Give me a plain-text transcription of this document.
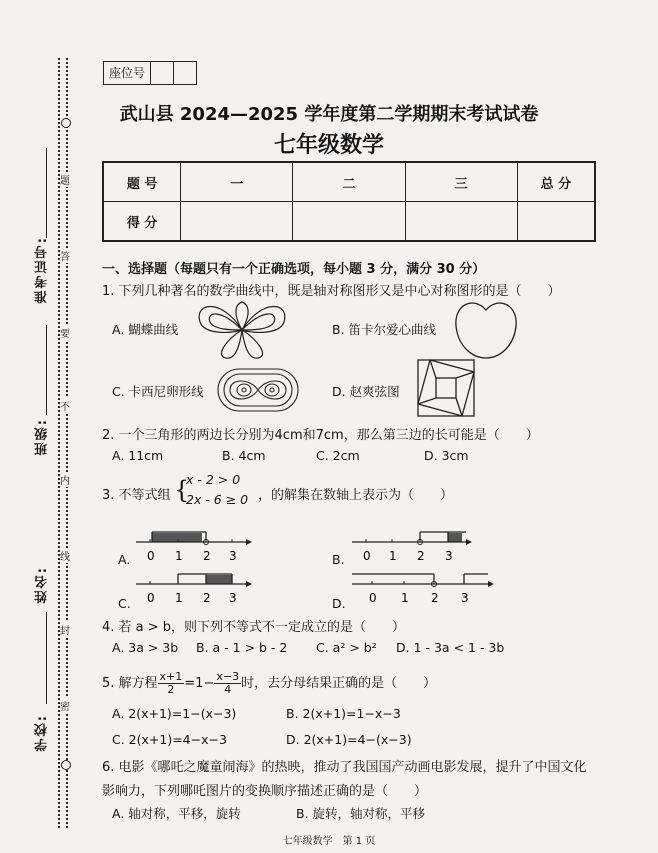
题
答
要
不
内
线
封
密
准考证号:
班级:
姓名:
学校:
座位号
武山县 2024—2025 学年度第二学期期末考试试卷
七年级数学
题 号	一	二	三	总 分
得 分				
一、选择题（每题只有一个正确选项，每小题 3 分，满分 30 分）
1. 下列几种著名的数学曲线中，既是轴对称图形又是中心对称图形的是（　　）
A. 蝴蝶曲线	B. 笛卡尔爱心曲线
C. 卡西尼卵形线	D. 赵爽弦图
2. 一个三角形的两边长分别为4cm和7cm，那么第三边的长可能是（　　）
A. 11cm	B. 4cm	C. 2cm	D. 3cm
3. 不等式组 {
x - 2 > 0
2x - 6 ≥ 0 ，的解集在数轴上表示为（　　）
A. 0 1 2 3	B. 0 1 2 3
C. 0 1 2 3	D. 0 1 2 3
4. 若 a > b，则下列不等式不一定成立的是（　　）
A. 3a > 3b B. a - 1 > b - 2 C. a² > b² D. 1 - 3a < 1 - 3b
5. 解方程 $\frac{x+1}{2} =1- \frac{x-3}{4}$ 时，去分母结果正确的是（　　）
A. 2(x+1)=1−(x−3)	B. 2(x+1)=1−x−3
C. 2(x+1)=4−x−3	D. 2(x+1)=4−(x−3)
6. 电影《哪吒之魔童闹海》的热映，推动了我国国产动画电影发展，提升了中国文化
影响力，下列哪吒图片的变换顺序描述正确的是（　　）
A. 轴对称，平移，旋转	B. 旋转，轴对称，平移
七年级数学　第 1 页
